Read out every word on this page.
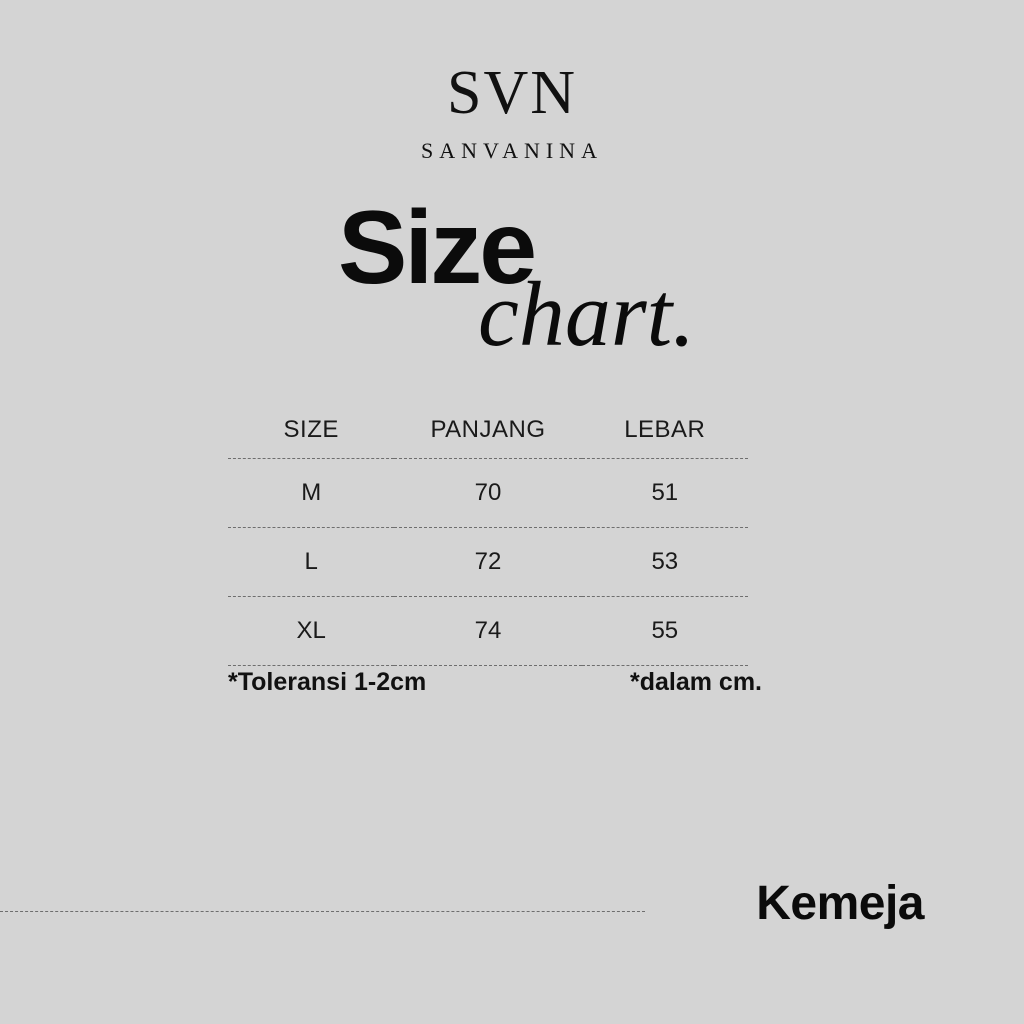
SVN
SANVANINA
Size
chart.
SIZE	PANJANG	LEBAR
M	70	51
L	72	53
XL	74	55
*Toleransi 1-2cm	*dalam cm.
Kemeja
